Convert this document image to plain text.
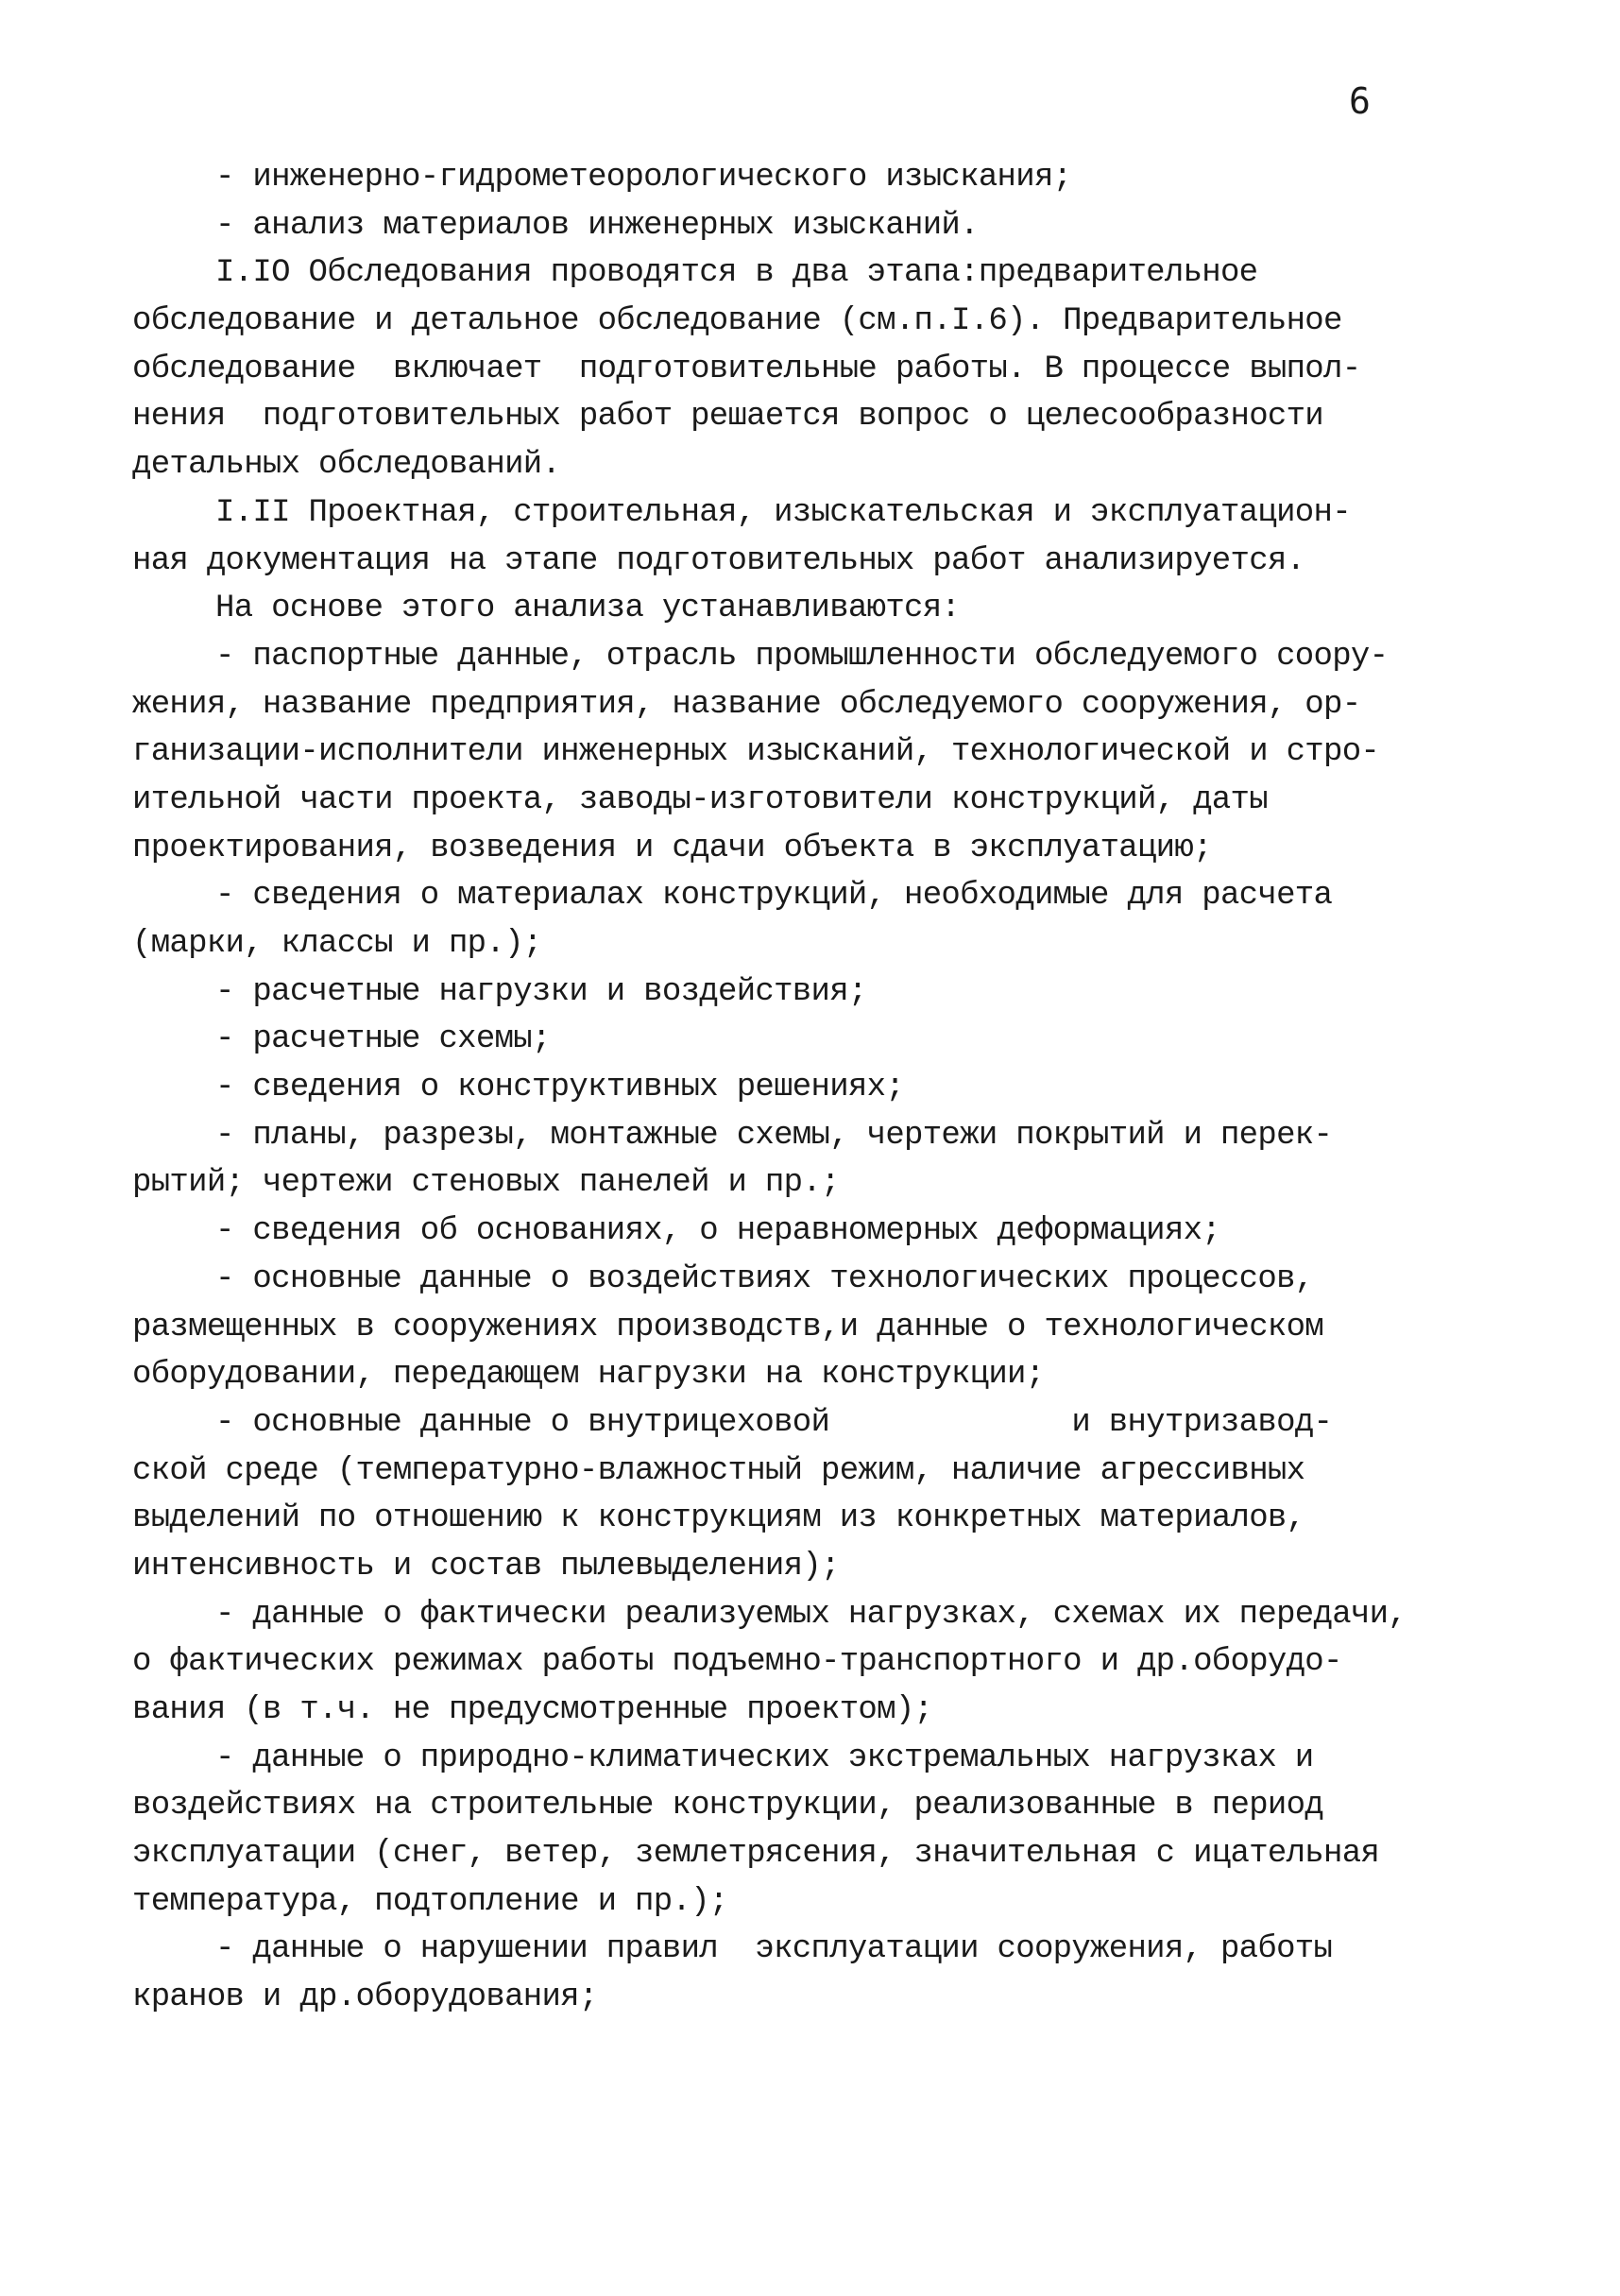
6
- инженерно-гидрометеорологического изыскания;
- анализ материалов инженерных изысканий.
I.IO Обследования проводятся в два этапа:предварительное
обследование и детальное обследование (см.п.I.6). Предварительное
обследование  включает  подготовительные работы. В процессе выпол-
нения  подготовительных работ решается вопрос о целесообразности
детальных обследований.
I.II Проектная, строительная, изыскательская и эксплуатацион-
ная документация на этапе подготовительных работ анализируется.
На основе этого анализа устанавливаются:
- паспортные данные, отрасль промышленности обследуемого соору-
жения, название предприятия, название обследуемого сооружения, ор-
ганизации-исполнители инженерных изысканий, технологической и стро-
ительной части проекта, заводы-изготовители конструкций, даты
проектирования, возведения и сдачи объекта в эксплуатацию;
- сведения о материалах конструкций, необходимые для расчета
(марки, классы и пр.);
- расчетные нагрузки и воздействия;
- расчетные схемы;
- сведения о конструктивных решениях;
- планы, разрезы, монтажные схемы, чертежи покрытий и перек-
рытий; чертежи стеновых панелей и пр.;
- сведения об основаниях, о неравномерных деформациях;
- основные данные о воздействиях технологических процессов,
размещенных в сооружениях производств,и данные о технологическом
оборудовании, передающем нагрузки на конструкции;
- основные данные о внутрицеховой             и внутризавод-
ской среде (температурно-влажностный режим, наличие агрессивных
выделений по отношению к конструкциям из конкретных материалов,
интенсивность и состав пылевыделения);
- данные о фактически реализуемых нагрузках, схемах их передачи,
о фактических режимах работы подъемно-транспортного и др.оборудо-
вания (в т.ч. не предусмотренные проектом);
- данные о природно-климатических экстремальных нагрузках и
воздействиях на строительные конструкции, реализованные в период
эксплуатации (снег, ветер, землетрясения, значительная с ицательная
температура, подтопление и пр.);
- данные о нарушении правил  эксплуатации сооружения, работы
кранов и др.оборудования;
